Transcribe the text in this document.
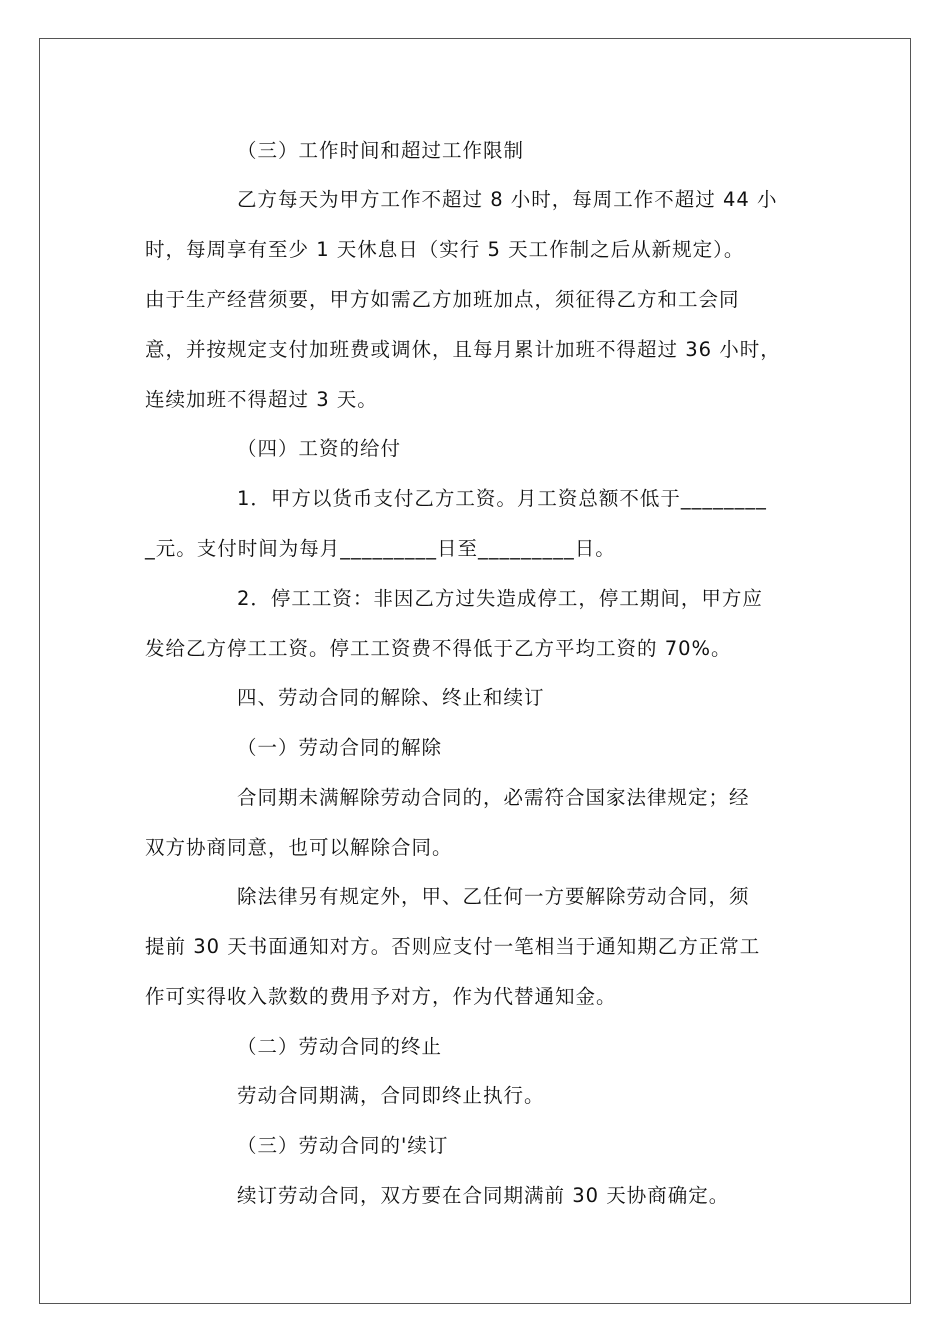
（三）工作时间和超过工作限制
乙方每天为甲方工作不超过 8 小时，每周工作不超过 44 小
时，每周享有至少 1 天休息日（实行 5 天工作制之后从新规定）。
由于生产经营须要，甲方如需乙方加班加点，须征得乙方和工会同
意，并按规定支付加班费或调休，且每月累计加班不得超过 36 小时，
连续加班不得超过 3 天。
（四）工资的给付
1．甲方以货币支付乙方工资。月工资总额不低于________
_元。支付时间为每月_________日至_________日。
2．停工工资：非因乙方过失造成停工，停工期间，甲方应
发给乙方停工工资。停工工资费不得低于乙方平均工资的 70%。
四、劳动合同的解除、终止和续订
（一）劳动合同的解除
合同期未满解除劳动合同的，必需符合国家法律规定；经
双方协商同意，也可以解除合同。
除法律另有规定外，甲、乙任何一方要解除劳动合同，须
提前 30 天书面通知对方。否则应支付一笔相当于通知期乙方正常工
作可实得收入款数的费用予对方，作为代替通知金。
（二）劳动合同的终止
劳动合同期满，合同即终止执行。
（三）劳动合同的'续订
续订劳动合同，双方要在合同期满前 30 天协商确定。
